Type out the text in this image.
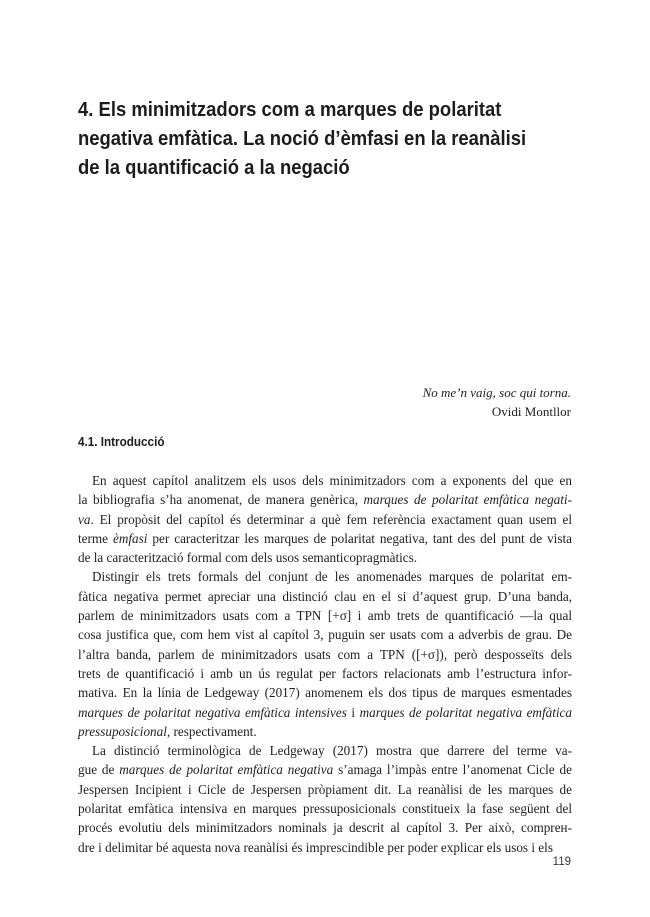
4. Els minimitzadors com a marques de polaritat
negativa emfàtica. La noció d’èmfasi en la reanàlisi
de la quantificació a la negació
No me’n vaig, soc qui torna.
Ovidi Montllor
4.1. Introducció
En aquest capítol analitzem els usos dels minimitzadors com a exponents del que en
la bibliografia s’ha anomenat, de manera genèrica, marques de polaritat emfàtica negati-
va. El propòsit del capítol és determinar a què fem referència exactament quan usem el
terme èmfasi per caracteritzar les marques de polaritat negativa, tant des del punt de vista
de la caracterització formal com dels usos semanticopragmàtics.
Distingir els trets formals del conjunt de les anomenades marques de polaritat em-
fàtica negativa permet apreciar una distinció clau en el si d’aquest grup. D’una banda,
parlem de minimitzadors usats com a TPN [+σ] i amb trets de quantificació —la qual
cosa justifica que, com hem vist al capítol 3, puguin ser usats com a adverbis de grau. De
l’altra banda, parlem de minimitzadors usats com a TPN ([+σ]), però desposseïts dels
trets de quantificació i amb un ús regulat per factors relacionats amb l’estructura infor-
mativa. En la línia de Ledgeway (2017) anomenem els dos tipus de marques esmentades
marques de polaritat negativa emfàtica intensives i marques de polaritat negativa emfàtica
pressuposicional, respectivament.
La distinció terminològica de Ledgeway (2017) mostra que darrere del terme va-
gue de marques de polaritat emfàtica negativa s’amaga l’impàs entre l’anomenat Cicle de
Jespersen Incipient i Cicle de Jespersen pròpiament dit. La reanàlisi de les marques de
polaritat emfàtica intensiva en marques pressuposicionals constitueix la fase següent del
procés evolutiu dels minimitzadors nominals ja descrit al capítol 3. Per això, comprен-
dre i delimitar bé aquesta nova reanàlisi és imprescindible per poder explicar els usos i els
119
